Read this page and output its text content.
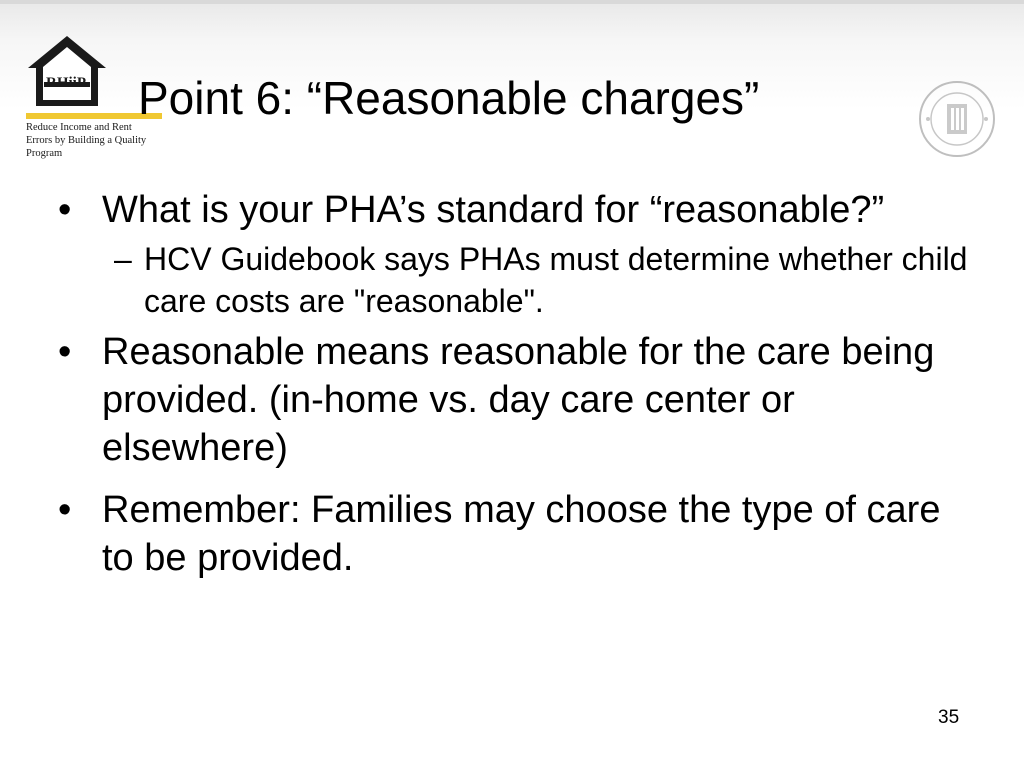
RHiiP
Reduce Income and Rent
Errors by Building a Quality
Program
Point 6: “Reasonable charges”
• What is your PHA’s standard for “reasonable?”
– HCV Guidebook says PHAs must determine whether child care costs are "reasonable".
• Reasonable means reasonable for the care being provided. (in-home vs. day care center or elsewhere)
• Remember: Families may choose the type of care to be provided.
35
